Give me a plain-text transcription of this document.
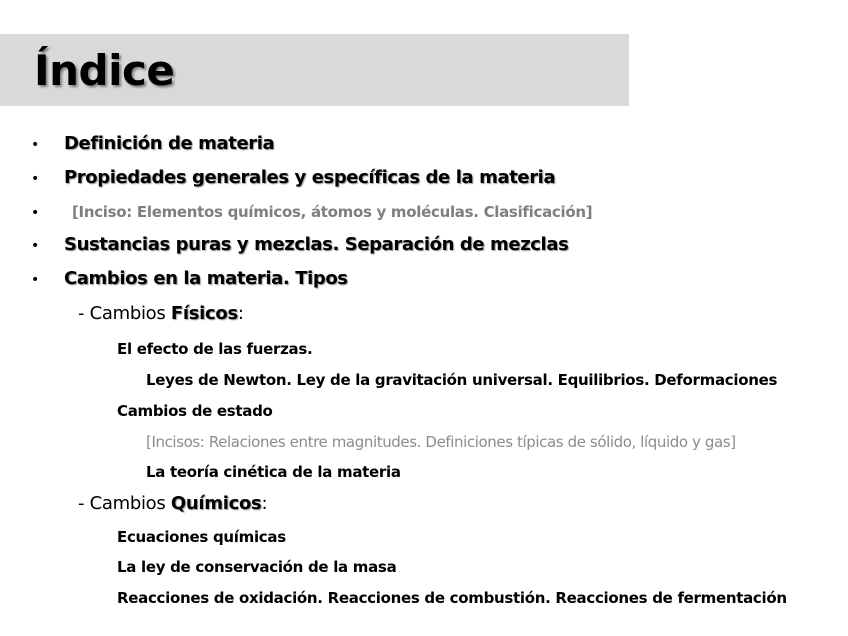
Índice
• Definición de materia
• Propiedades generales y específicas de la materia
• [Inciso: Elementos químicos, átomos y moléculas. Clasificación]
• Sustancias puras y mezclas. Separación de mezclas
• Cambios en la materia. Tipos
- Cambios Físicos:
El efecto de las fuerzas.
Leyes de Newton. Ley de la gravitación universal. Equilibrios. Deformaciones
Cambios de estado
[Incisos: Relaciones entre magnitudes. Definiciones típicas de sólido, líquido y gas]
La teoría cinética de la materia
- Cambios Químicos:
Ecuaciones químicas
La ley de conservación de la masa
Reacciones de oxidación. Reacciones de combustión. Reacciones de fermentación
